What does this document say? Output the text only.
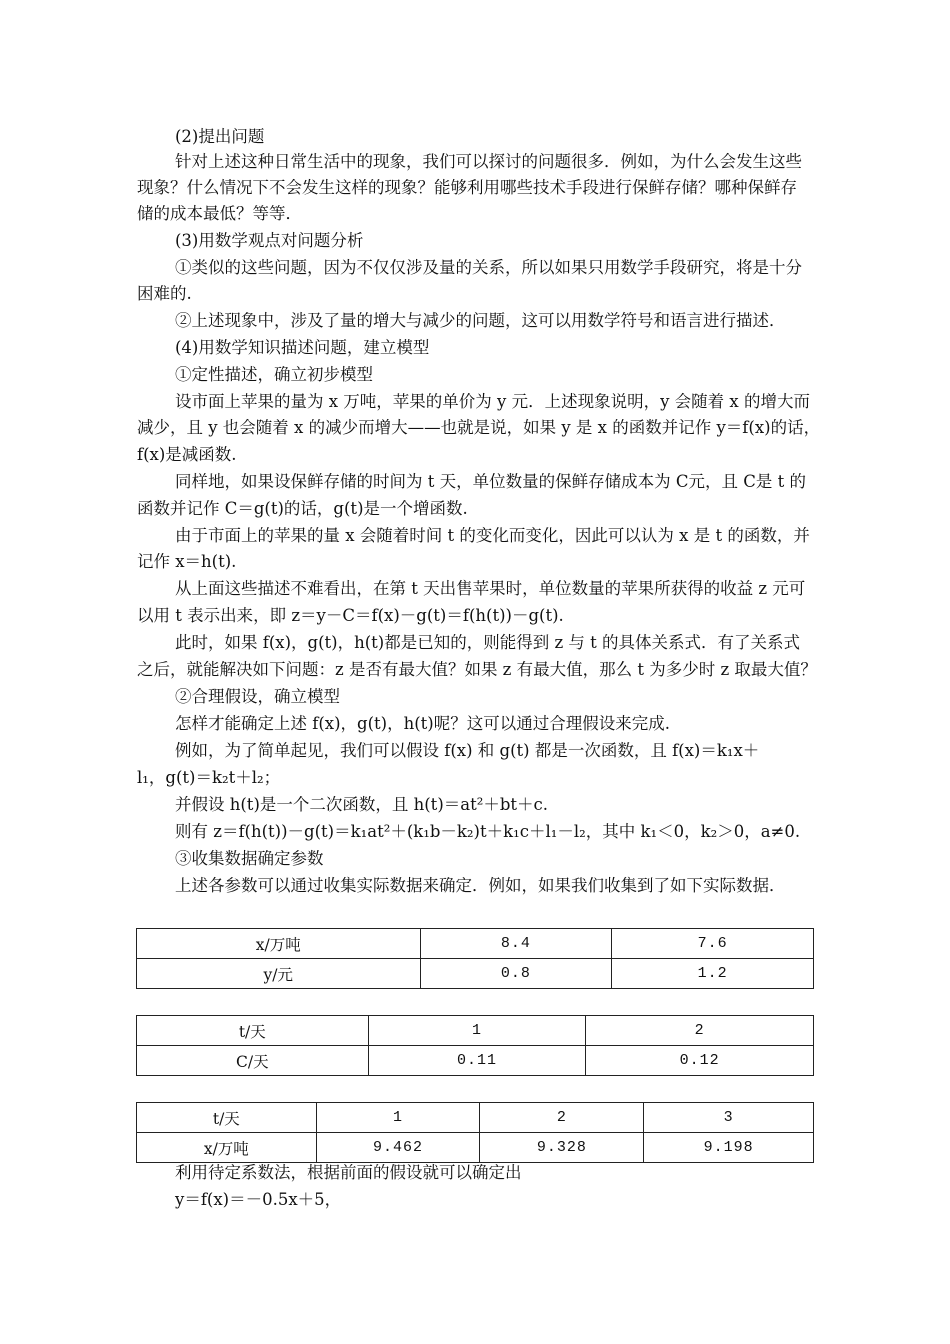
(2)提出问题
针对上述这种日常生活中的现象，我们可以探讨的问题很多．例如，为什么会发生这些
现象？什么情况下不会发生这样的现象？能够利用哪些技术手段进行保鲜存储？哪种保鲜存
储的成本最低？等等．
(3)用数学观点对问题分析
①类似的这些问题，因为不仅仅涉及量的关系，所以如果只用数学手段研究，将是十分
困难的.
②上述现象中，涉及了量的增大与减少的问题，这可以用数学符号和语言进行描述．
(4)用数学知识描述问题，建立模型
①定性描述，确立初步模型
设市面上苹果的量为 x 万吨，苹果的单价为 y 元．上述现象说明，y 会随着 x 的增大而
减少，且 y 也会随着 x 的减少而增大——也就是说，如果 y 是 x 的函数并记作 y＝f(x)的话，
f(x)是减函数.
同样地，如果设保鲜存储的时间为 t 天，单位数量的保鲜存储成本为 C元，且 C是 t 的
函数并记作 C＝g(t)的话，g(t)是一个增函数.
由于市面上的苹果的量 x 会随着时间 t 的变化而变化，因此可以认为 x 是 t 的函数，并
记作 x＝h(t).
从上面这些描述不难看出，在第 t 天出售苹果时，单位数量的苹果所获得的收益 z 元可
以用 t 表示出来，即 z＝y－C＝f(x)－g(t)＝f(h(t))－g(t).
此时，如果 f(x)，g(t)，h(t)都是已知的，则能得到 z 与 t 的具体关系式．有了关系式
之后，就能解决如下问题：z 是否有最大值？如果 z 有最大值，那么 t 为多少时 z 取最大值？
②合理假设，确立模型
怎样才能确定上述 f(x)，g(t)，h(t)呢？这可以通过合理假设来完成.
例如，为了简单起见，我们可以假设 f(x) 和 g(t) 都是一次函数，且 f(x)＝k₁x＋
l₁，g(t)＝k₂t＋l₂；
并假设 h(t)是一个二次函数，且 h(t)＝at²＋bt＋c.
则有 z＝f(h(t))－g(t)＝k₁at²＋(k₁b－k₂)t＋k₁c＋l₁－l₂，其中 k₁＜0，k₂＞0，a≠0.
③收集数据确定参数
上述各参数可以通过收集实际数据来确定．例如，如果我们收集到了如下实际数据．
x/万吨	8.4	7.6
y/元	0.8	1.2
t/天	1	2
C/天	0.11	0.12
t/天	1	2	3
x/万吨	9.462	9.328	9.198
利用待定系数法，根据前面的假设就可以确定出
y＝f(x)＝－0.5x＋5，
